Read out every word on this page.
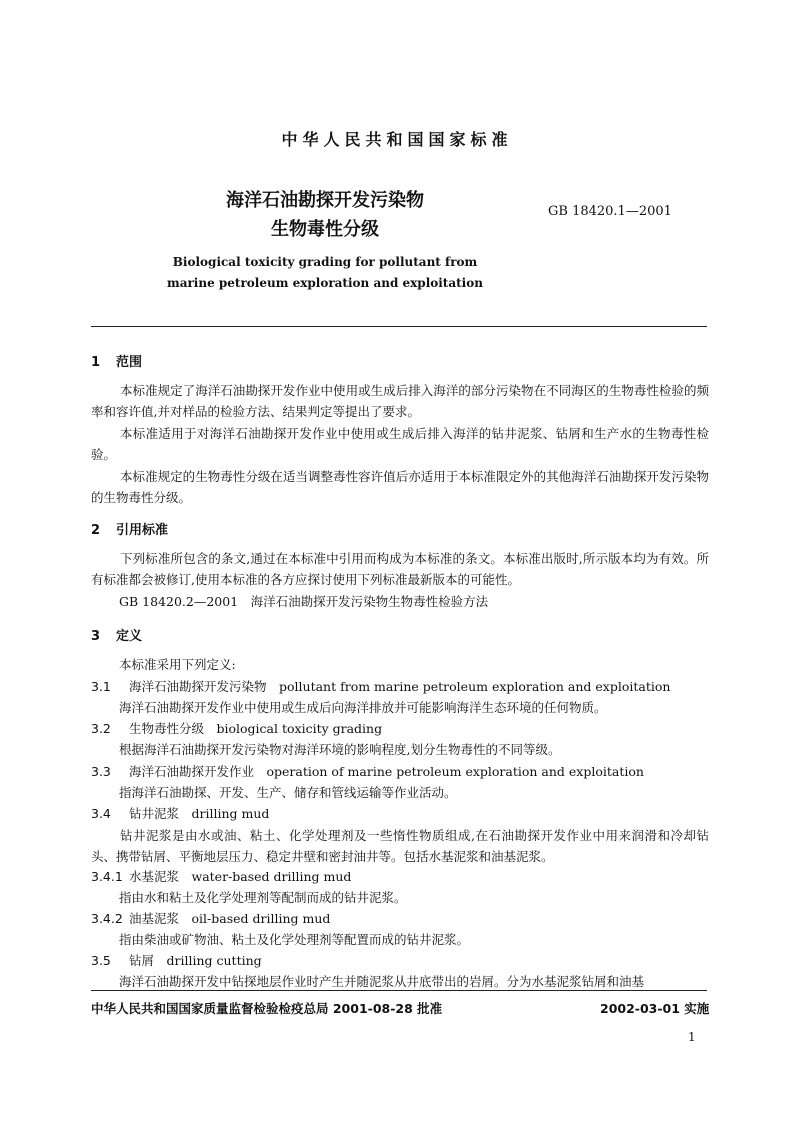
中华人民共和国国家标准
海洋石油勘探开发污染物
生物毒性分级
GB 18420.1—2001
Biological toxicity grading for pollutant from
marine petroleum exploration and exploitation
1 范围
本标准规定了海洋石油勘探开发作业中使用或生成后排入海洋的部分污染物在不同海区的生物毒性检验的频率和容许值,并对样品的检验方法、结果判定等提出了要求。
本标准适用于对海洋石油勘探开发作业中使用或生成后排入海洋的钻井泥浆、钻屑和生产水的生物毒性检验。
本标准规定的生物毒性分级在适当调整毒性容许值后亦适用于本标准限定外的其他海洋石油勘探开发污染物的生物毒性分级。
2 引用标准
下列标准所包含的条文,通过在本标准中引用而构成为本标准的条文。本标准出版时,所示版本均为有效。所有标准都会被修订,使用本标准的各方应探讨使用下列标准最新版本的可能性。
GB 18420.2—2001　海洋石油勘探开发污染物生物毒性检验方法
3 定义
本标准采用下列定义:
3.1 海洋石油勘探开发污染物　pollutant from marine petroleum exploration and exploitation
海洋石油勘探开发作业中使用或生成后向海洋排放并可能影响海洋生态环境的任何物质。
3.2 生物毒性分级　biological toxicity grading
根据海洋石油勘探开发污染物对海洋环境的影响程度,划分生物毒性的不同等级。
3.3 海洋石油勘探开发作业　operation of marine petroleum exploration and exploitation
指海洋石油勘探、开发、生产、储存和管线运输等作业活动。
3.4 钻井泥浆　drilling mud
钻井泥浆是由水或油、粘土、化学处理剂及一些惰性物质组成,在石油勘探开发作业中用来润滑和冷却钻头、携带钻屑、平衡地层压力、稳定井壁和密封油井等。包括水基泥浆和油基泥浆。
3.4.1 水基泥浆　water-based drilling mud
指由水和粘土及化学处理剂等配制而成的钻井泥浆。
3.4.2 油基泥浆　oil-based drilling mud
指由柴油或矿物油、粘土及化学处理剂等配置而成的钻井泥浆。
3.5 钻屑　drilling cutting
海洋石油勘探开发中钻探地层作业时产生并随泥浆从井底带出的岩屑。分为水基泥浆钻屑和油基
中华人民共和国国家质量监督检验检疫总局 2001-08-28 批准	2002-03-01 实施
1
